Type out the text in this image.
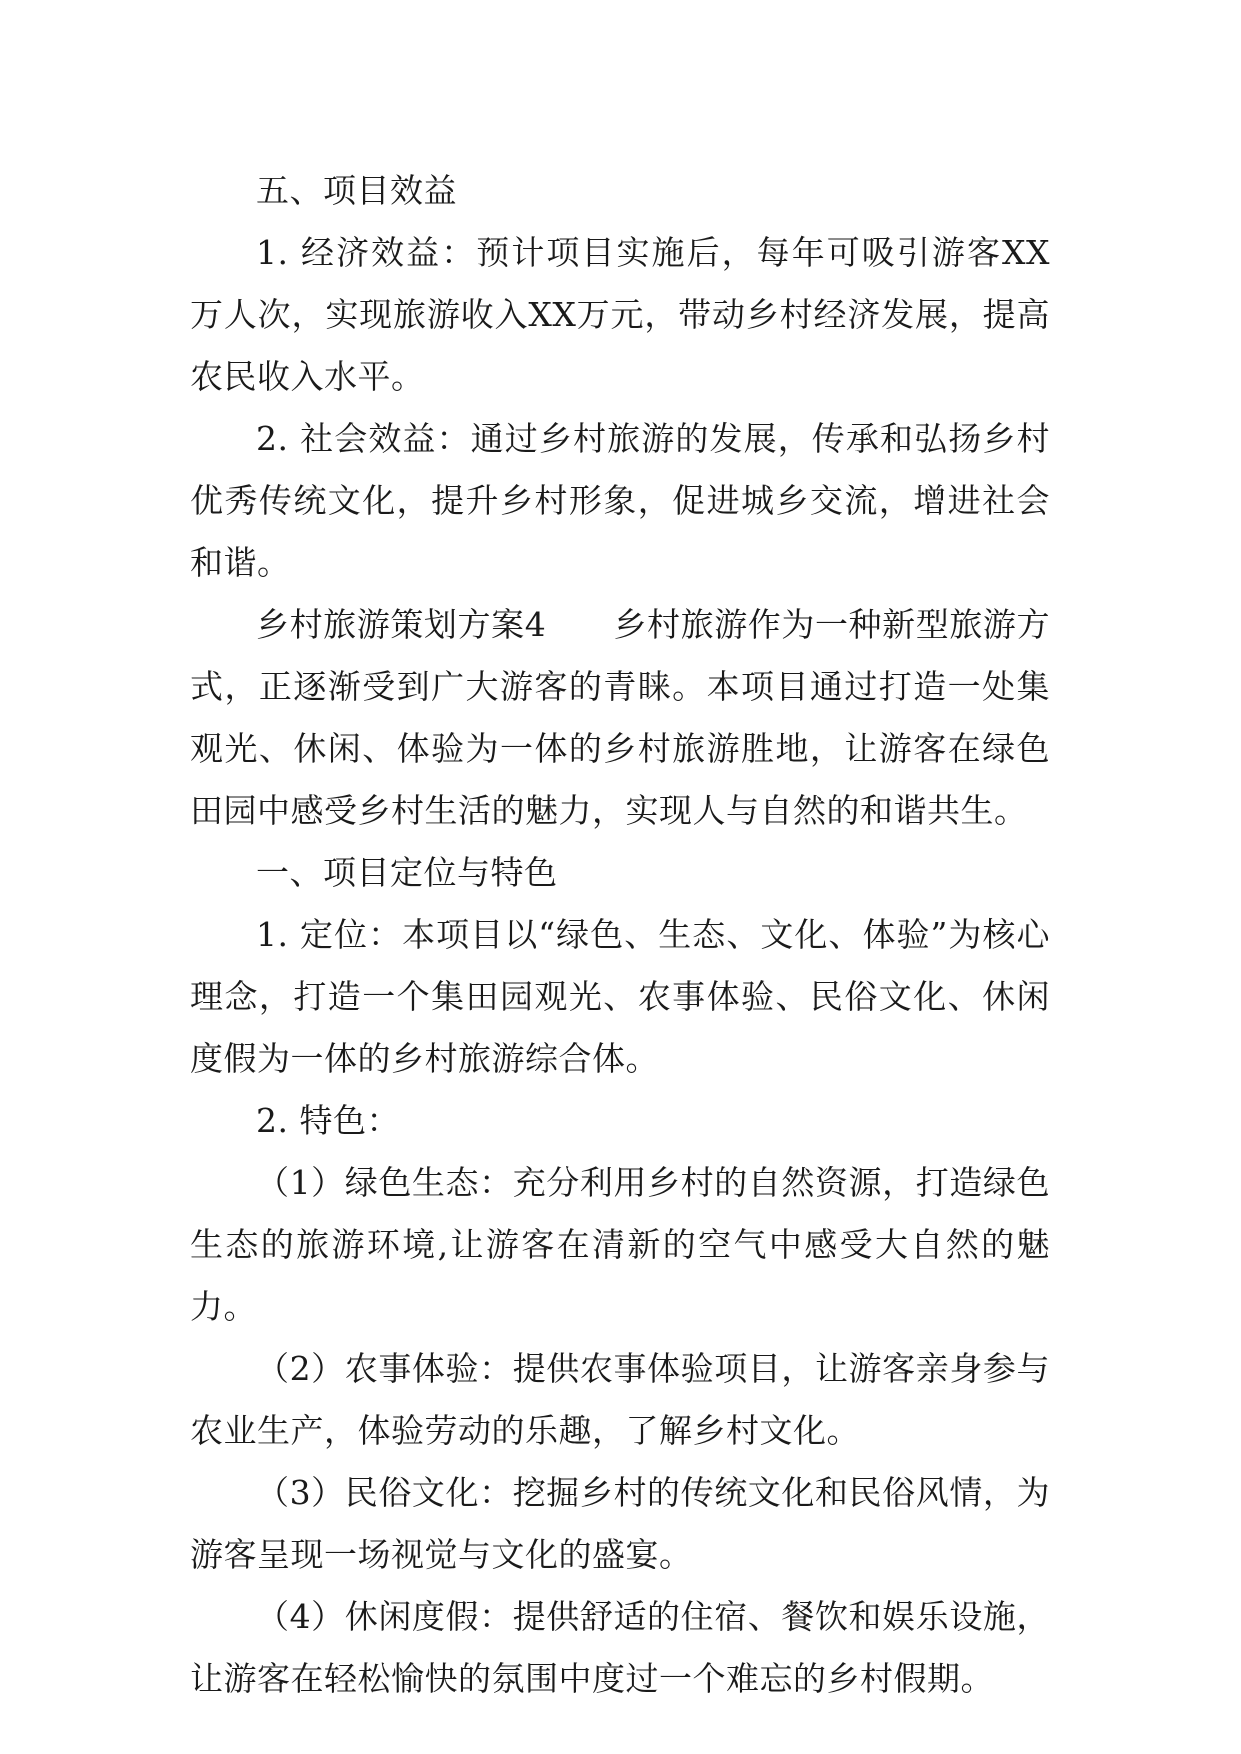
五、项目效益

1. 经济效益：预计项目实施后，每年可吸引游客XX万人次，实现旅游收入XX万元，带动乡村经济发展，提高农民收入水平。

2. 社会效益：通过乡村旅游的发展，传承和弘扬乡村优秀传统文化，提升乡村形象，促进城乡交流，增进社会和谐。

乡村旅游策划方案4　　乡村旅游作为一种新型旅游方式，正逐渐受到广大游客的青睐。本项目通过打造一处集观光、休闲、体验为一体的乡村旅游胜地，让游客在绿色田园中感受乡村生活的魅力，实现人与自然的和谐共生。

一、项目定位与特色

1. 定位：本项目以“绿色、生态、文化、体验”为核心理念，打造一个集田园观光、农事体验、民俗文化、休闲度假为一体的乡村旅游综合体。

2. 特色：

（1）绿色生态：充分利用乡村的自然资源，打造绿色生态的旅游环境,让游客在清新的空气中感受大自然的魅力。

（2）农事体验：提供农事体验项目，让游客亲身参与农业生产，体验劳动的乐趣，了解乡村文化。

（3）民俗文化：挖掘乡村的传统文化和民俗风情，为游客呈现一场视觉与文化的盛宴。

（4）休闲度假：提供舒适的住宿、餐饮和娱乐设施，让游客在轻松愉快的氛围中度过一个难忘的乡村假期。
